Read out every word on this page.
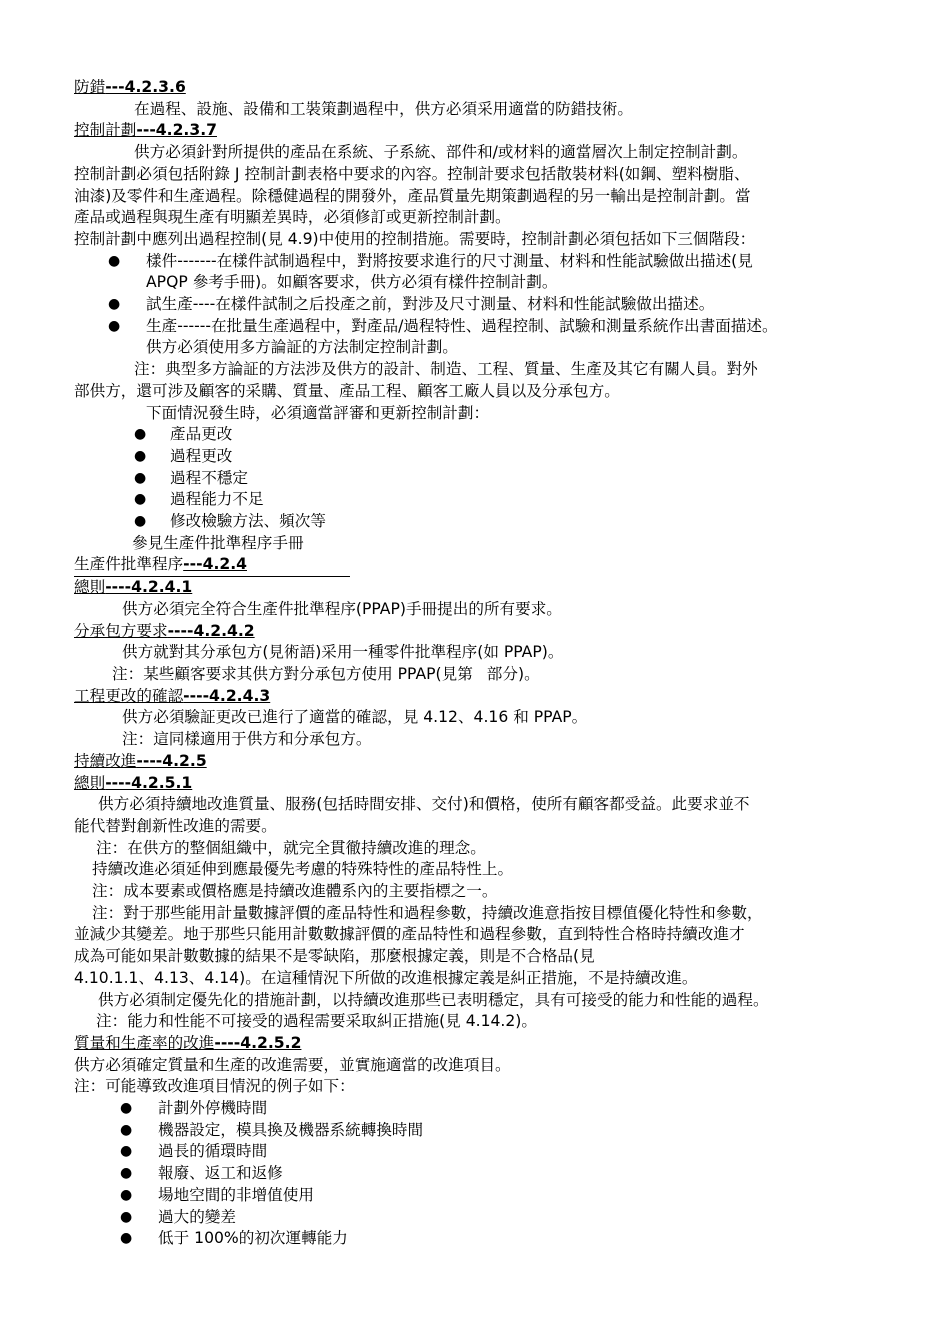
防錯---4.2.3.6
在過程、設施、設備和工裝策劃過程中，供方必須采用適當的防錯技術。
控制計劃---4.2.3.7
供方必須針對所提供的產品在系統、子系統、部件和/或材料的適當層次上制定控制計劃。
控制計劃必須包括附錄 J 控制計劃表格中要求的內容。控制計要求包括散裝材料(如鋼、塑料樹脂、
油漆)及零件和生產過程。除穩健過程的開發外，產品質量先期策劃過程的另一輸出是控制計劃。當
產品或過程與現生產有明顯差異時，必須修訂或更新控制計劃。
控制計劃中應列出過程控制(見 4.9)中使用的控制措施。需要時，控制計劃必須包括如下三個階段：
● 樣件-------在樣件試制過程中，對將按要求進行的尺寸測量、材料和性能試驗做出描述(見
APQP 參考手冊)。如顧客要求，供方必須有樣件控制計劃。
● 試生產----在樣件試制之后投產之前，對涉及尺寸測量、材料和性能試驗做出描述。
● 生產------在批量生產過程中，對產品/過程特性、過程控制、試驗和測量系統作出書面描述。
供方必須使用多方論証的方法制定控制計劃。
注：典型多方論証的方法涉及供方的設計、制造、工程、質量、生產及其它有關人員。對外
部供方，還可涉及顧客的采購、質量、產品工程、顧客工廠人員以及分承包方。
下面情況發生時，必須適當評審和更新控制計劃：
● 產品更改
● 過程更改
● 過程不穩定
● 過程能力不足
● 修改檢驗方法、頻次等
參見生產件批準程序手冊
生產件批準程序---4.2.4
總則----4.2.4.1
供方必須完全符合生產件批準程序(PPAP)手冊提出的所有要求。
分承包方要求----4.2.4.2
供方就對其分承包方(見術語)采用一種零件批準程序(如 PPAP)。
注：某些顧客要求其供方對分承包方使用 PPAP(見第 部分)。
工程更改的確認----4.2.4.3
供方必須驗証更改已進行了適當的確認，見 4.12、4.16 和 PPAP。
注：這同樣適用于供方和分承包方。
持續改進----4.2.5
總則----4.2.5.1
供方必須持續地改進質量、服務(包括時間安排、交付)和價格，使所有顧客都受益。此要求並不
能代替對創新性改進的需要。
注：在供方的整個組織中，就完全貫徹持續改進的理念。
持續改進必須延伸到應最優先考慮的特殊特性的產品特性上。
注：成本要素或價格應是持續改進體系內的主要指標之一。
注：對于那些能用計量數據評價的產品特性和過程參數，持續改進意指按目標值優化特性和參數，
並減少其變差。地于那些只能用計數數據評價的產品特性和過程參數，直到特性合格時持續改進才
成為可能如果計數數據的結果不是零缺陷，那麼根據定義，則是不合格品(見
4.10.1.1、4.13、4.14)。在這種情況下所做的改進根據定義是糾正措施，不是持續改進。
供方必須制定優先化的措施計劃，以持續改進那些已表明穩定，具有可接受的能力和性能的過程。
注：能力和性能不可接受的過程需要采取糾正措施(見 4.14.2)。
質量和生產率的改進----4.2.5.2
供方必須確定質量和生產的改進需要，並實施適當的改進項目。
注：可能導致改進項目情況的例子如下：
● 計劃外停機時間
● 機器設定，模具換及機器系統轉換時間
● 過長的循環時間
● 報廢、返工和返修
● 場地空間的非增值使用
● 過大的變差
● 低于 100%的初次運轉能力
